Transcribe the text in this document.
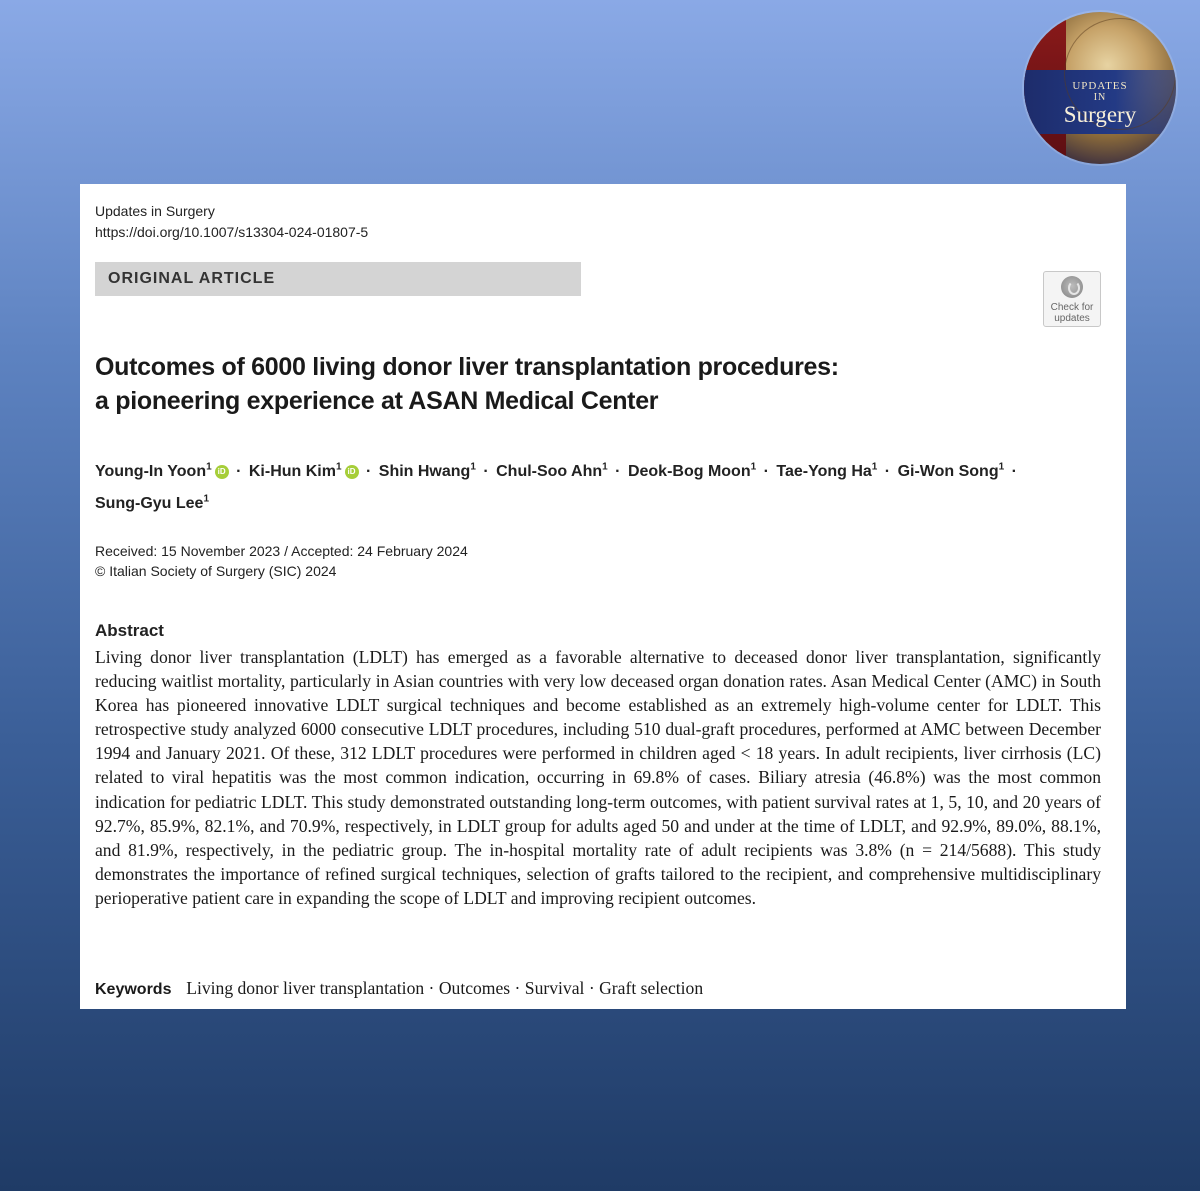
UPDATES
IN
Surgery
Updates in Surgery
https://doi.org/10.1007/s13304-024-01807-5
ORIGINAL ARTICLE
Check for updates
Outcomes of 6000 living donor liver transplantation procedures:
a pioneering experience at ASAN Medical Center
Young-In Yoon$^1$ iD · Ki-Hun Kim$^1$ iD · Shin Hwang$^1$ · Chul-Soo Ahn$^1$ · Deok-Bog Moon$^1$ · Tae-Yong $Ha^1 \cdot Gi-Won$ Song$^1$ ·
Sung-Gyu Lee$^1$
Received: 15 November 2023 / Accepted: 24 February 2024
© Italian Society of Surgery (SIC) 2024
Abstract
Living donor liver transplantation (LDLT) has emerged as a favorable alternative to deceased donor liver transplantation, significantly reducing waitlist mortality, particularly in Asian countries with very low deceased organ donation rates. Asan Medical Center (AMC) in South Korea has pioneered innovative LDLT surgical techniques and become established as an extremely high-volume center for LDLT. This retrospective study analyzed 6000 consecutive LDLT procedures, including 510 dual-graft procedures, performed at AMC between December 1994 and January 2021. Of these, 312 LDLT procedures were performed in children aged < 18 years. In adult recipients, liver cirrhosis (LC) related to viral hepatitis was the most common indication, occurring in 69.8% of cases. Biliary atresia (46.8%) was the most common indication for pediatric LDLT. This study demonstrated outstanding long-term outcomes, with patient survival rates at 1, 5, 10, and 20 years of 92.7%, 85.9%, 82.1%, and 70.9%, respectively, in LDLT group for adults aged 50 and under at the time of LDLT, and 92.9%, 89.0%, 88.1%, and 81.9%, respectively, in the pediatric group. The in-hospital mortality rate of adult recipients was 3.8% (n = 214/5688). This study demonstrates the importance of refined surgical techniques, selection of grafts tailored to the recipient, and comprehensive multidisciplinary perioperative patient care in expanding the scope of LDLT and improving recipient outcomes.
Keywords Living donor liver transplantation · Outcomes · Survival · Graft selection
